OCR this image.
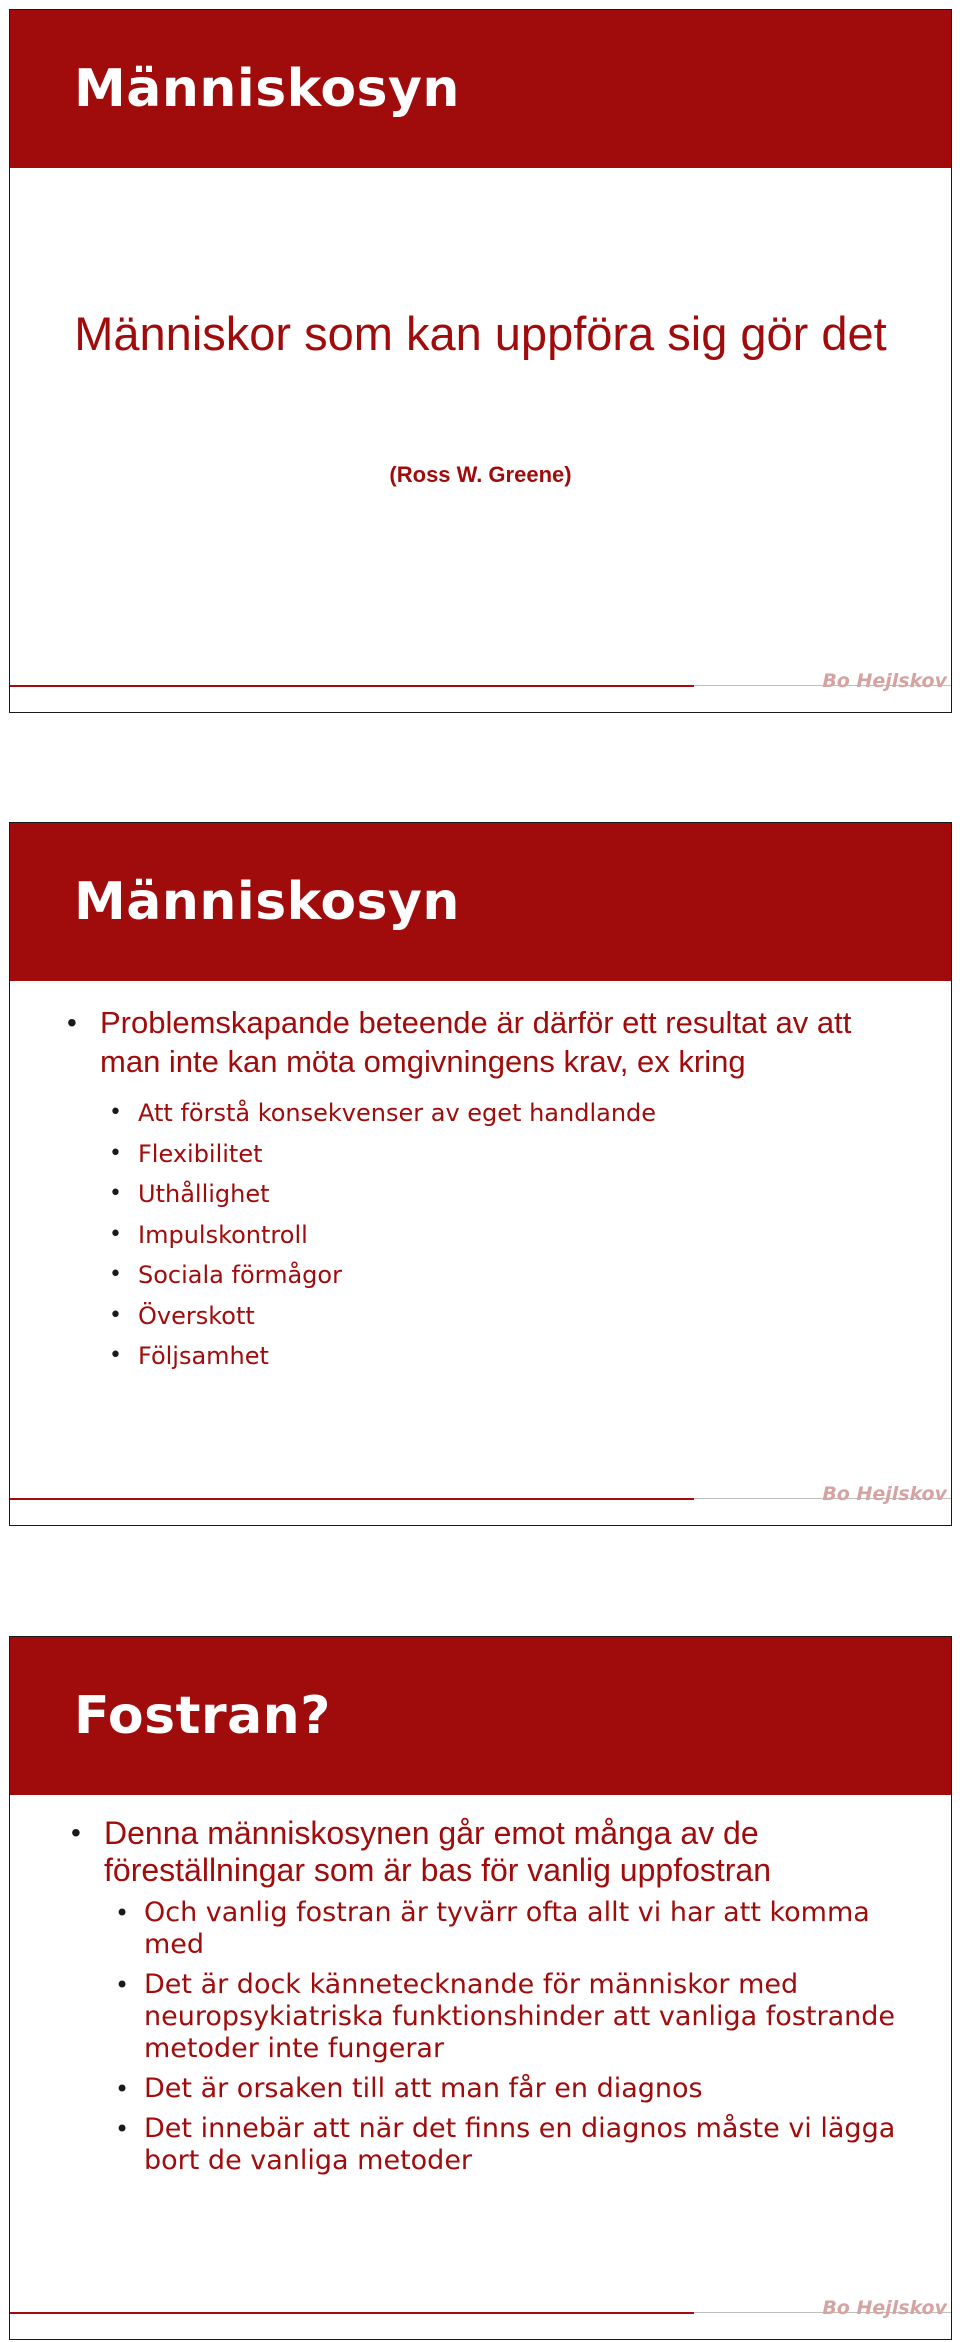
Människosyn
Människor som kan uppföra sig gör det
(Ross W. Greene)
Bo Hejlskov
Människosyn
• Problemskapande beteende är därför ett resultat av att man inte kan möta omgivningens krav, ex kring
• Att förstå konsekvenser av eget handlande
• Flexibilitet
• Uthållighet
• Impulskontroll
• Sociala förmågor
• Överskott
• Följsamhet
Bo Hejlskov
Fostran?
• Denna människosynen går emot många av de föreställningar som är bas för vanlig uppfostran
• Och vanlig fostran är tyvärr ofta allt vi har att komma med
• Det är dock kännetecknande för människor med neuropsykiatriska funktionshinder att vanliga fostrande metoder inte fungerar
• Det är orsaken till att man får en diagnos
• Det innebär att när det finns en diagnos måste vi lägga bort de vanliga metoder
Bo Hejlskov
